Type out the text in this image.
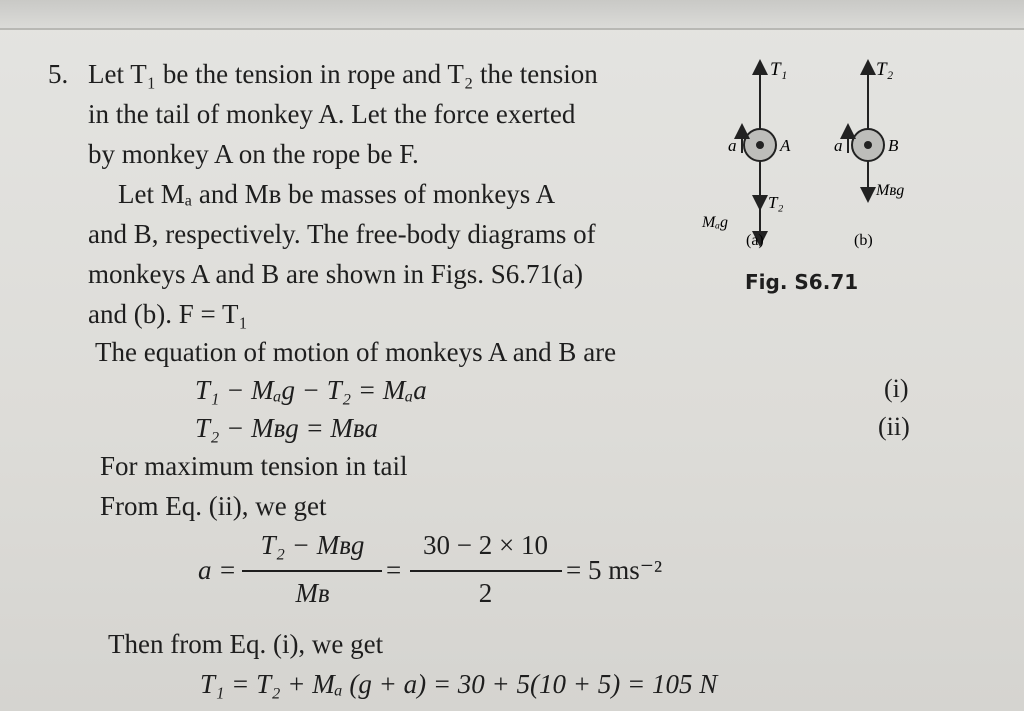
5. Let T₁ be the tension in rope and T₂ the tension
in the tail of monkey A. Let the force exerted
by monkey A on the rope be F.
Let Mₐ and Mʙ be masses of monkeys A
and B, respectively. The free-body diagrams of
monkeys A and B are shown in Figs. S6.71(a)
and (b). F = T₁
The equation of motion of monkeys A and B are
T₁ − Mₐg − T₂ = Mₐa	(i)
T₂ − Mʙg = Mʙa	(ii)
For maximum tension in tail
From Eq. (ii), we get
a =
T₂ − Mʙg
Mʙ
=
30 − 2 × 10
2
= 5 ms⁻²
Then from Eq. (i), we get
T₁ = T₂ + Mₐ (g + a) = 30 + 5(10 + 5) = 105 N
T₁
A
a
T₂
Mₐg
(a)
T₂
B
a
Mʙg
(b)
Fig. S6.71
